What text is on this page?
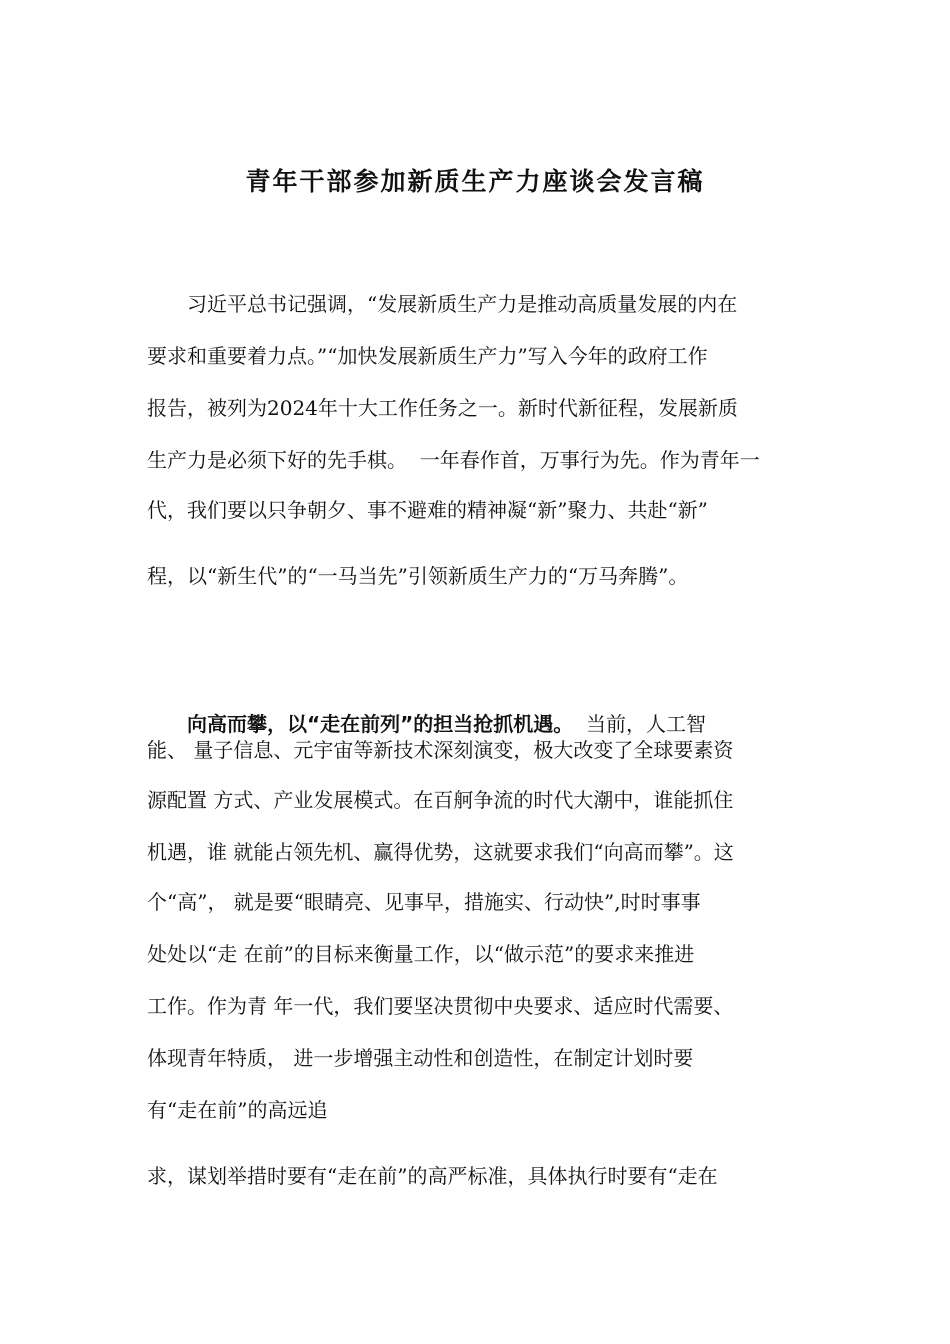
青年干部参加新质生产力座谈会发言稿

习近平总书记强调，“发展新质生产力是推动高质量发展的内在

要求和重要着力点。”“加快发展新质生产力”写入今年的政府工作

报告，被列为2024年十大工作任务之一。新时代新征程，发展新质

生产力是必须下好的先手棋。  一年春作首，万事行为先。作为青年一

代，我们要以只争朝夕、事不避难的精神凝“新”聚力、共赴“新”

程，以“新生代”的“一马当先”引领新质生产力的“万马奔腾”。

向高而攀，以“走在前列”的担当抢抓机遇。  当前，人工智

能、 量子信息、元宇宙等新技术深刻演变，极大改变了全球要素资

源配置 方式、产业发展模式。在百舸争流的时代大潮中，谁能抓住

机遇，谁 就能占领先机、赢得优势，这就要求我们“向高而攀”。这

个“高”， 就是要“眼睛亮、见事早，措施实、行动快”,时时事事

处处以“走 在前”的目标来衡量工作，以“做示范”的要求来推进

工作。作为青 年一代，我们要坚决贯彻中央要求、适应时代需要、

体现青年特质， 进一步增强主动性和创造性，在制定计划时要

有“走在前”的高远追

求，谋划举措时要有“走在前”的高严标准，具体执行时要有“走在
